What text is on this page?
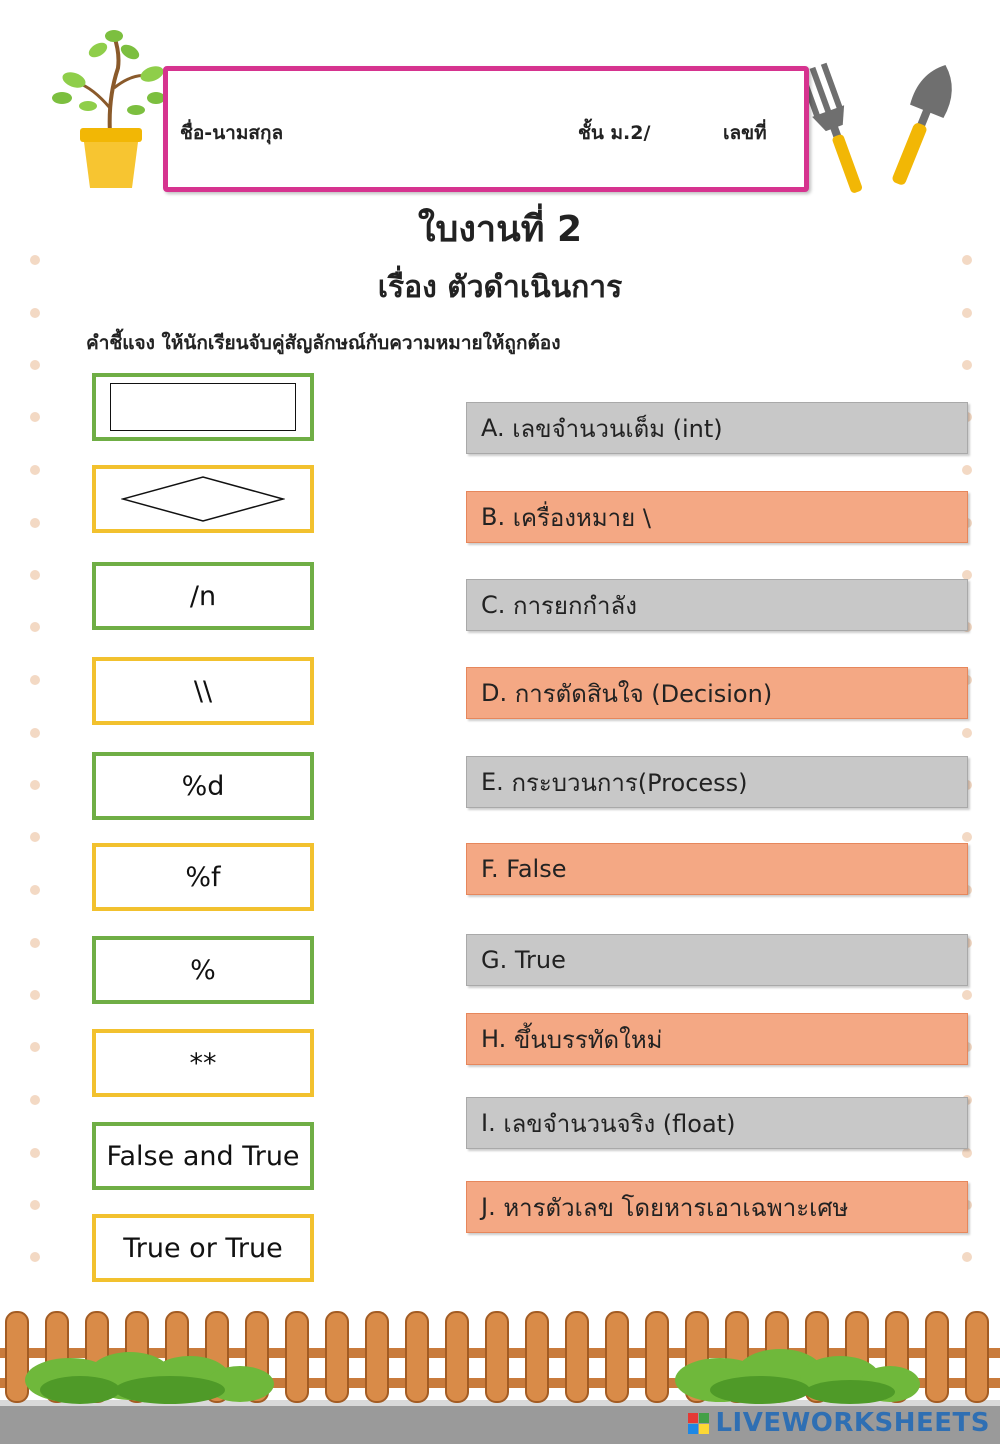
ชื่อ-นามสกุล	ชั้น ม.2/	เลขที่
ใบงานที่ 2
เรื่อง ตัวดำเนินการ
คำชี้แจง ให้นักเรียนจับคู่สัญลักษณ์กับความหมายให้ถูกต้อง
/n
\\
%d
%f
%
**
False and True
True or True
A.
เลขจำนวนเต็ม (int)
B.
เครื่องหมาย \
C.
การยกกำลัง
D.
การตัดสินใจ (Decision)
E.
กระบวนการ(Process)
F.
False
G.
True
H.
ขึ้นบรรทัดใหม่
I.
เลขจำนวนจริง (float)
J.
หารตัวเลข โดยหารเอาเฉพาะเศษ
LIVEWORKSHEETS
